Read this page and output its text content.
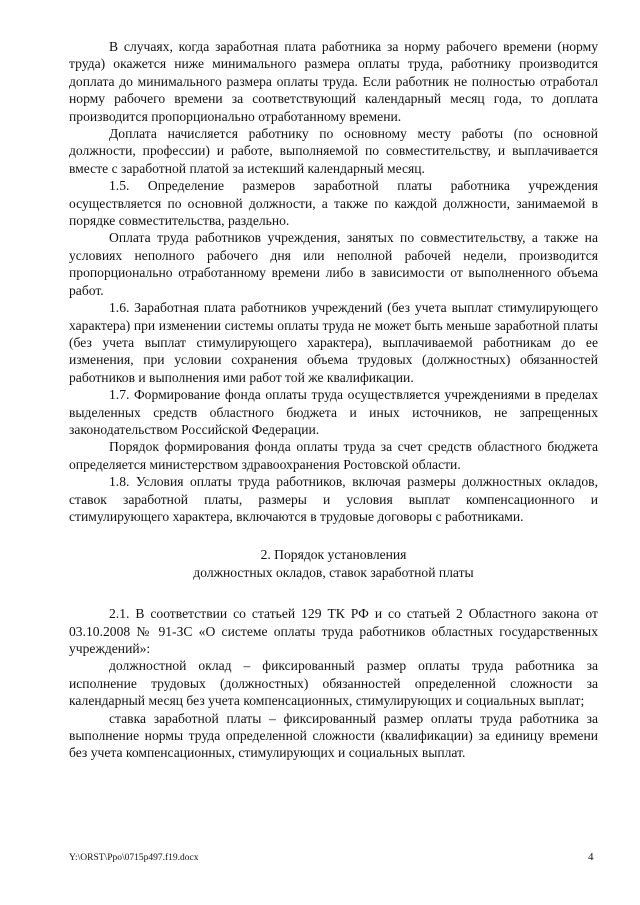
В случаях, когда заработная плата работника за норму рабочего времени (норму труда) окажется ниже минимального размера оплаты труда, работнику производится доплата до минимального размера оплаты труда. Если работник не полностью отработал норму рабочего времени за соответствующий календарный месяц года, то доплата производится пропорционально отработанному времени.

Доплата начисляется работнику по основному месту работы (по основной должности, профессии) и работе, выполняемой по совместительству, и выплачивается вместе с заработной платой за истекший календарный месяц.

1.5. Определение размеров заработной платы работника учреждения осуществляется по основной должности, а также по каждой должности, занимаемой в порядке совместительства, раздельно.

Оплата труда работников учреждения, занятых по совместительству, а также на условиях неполного рабочего дня или неполной рабочей недели, производится пропорционально отработанному времени либо в зависимости от выполненного объема работ.

1.6. Заработная плата работников учреждений (без учета выплат стимулирующего характера) при изменении системы оплаты труда не может быть меньше заработной платы (без учета выплат стимулирующего характера), выплачиваемой работникам до ее изменения, при условии сохранения объема трудовых (должностных) обязанностей работников и выполнения ими работ той же квалификации.

1.7. Формирование фонда оплаты труда осуществляется учреждениями в пределах выделенных средств областного бюджета и иных источников, не запрещенных законодательством Российской Федерации.

Порядок формирования фонда оплаты труда за счет средств областного бюджета определяется министерством здравоохранения Ростовской области.

1.8. Условия оплаты труда работников, включая размеры должностных окладов, ставок заработной платы, размеры и условия выплат компенсационного и стимулирующего характера, включаются в трудовые договоры с работниками.

2. Порядок установления

должностных окладов, ставок заработной платы

2.1. В соответствии со статьей 129 ТК РФ и со статьей 2 Областного закона от 03.10.2008 № 91-ЗС «О системе оплаты труда работников областных государственных учреждений»:

должностной оклад – фиксированный размер оплаты труда работника за исполнение трудовых (должностных) обязанностей определенной сложности за календарный месяц без учета компенсационных, стимулирующих и социальных выплат;

ставка заработной платы – фиксированный размер оплаты труда работника за выполнение нормы труда определенной сложности (квалификации) за единицу времени без учета компенсационных, стимулирующих и социальных выплат.

Y:\ORST\Ppo\0715p497.f19.docx	4
